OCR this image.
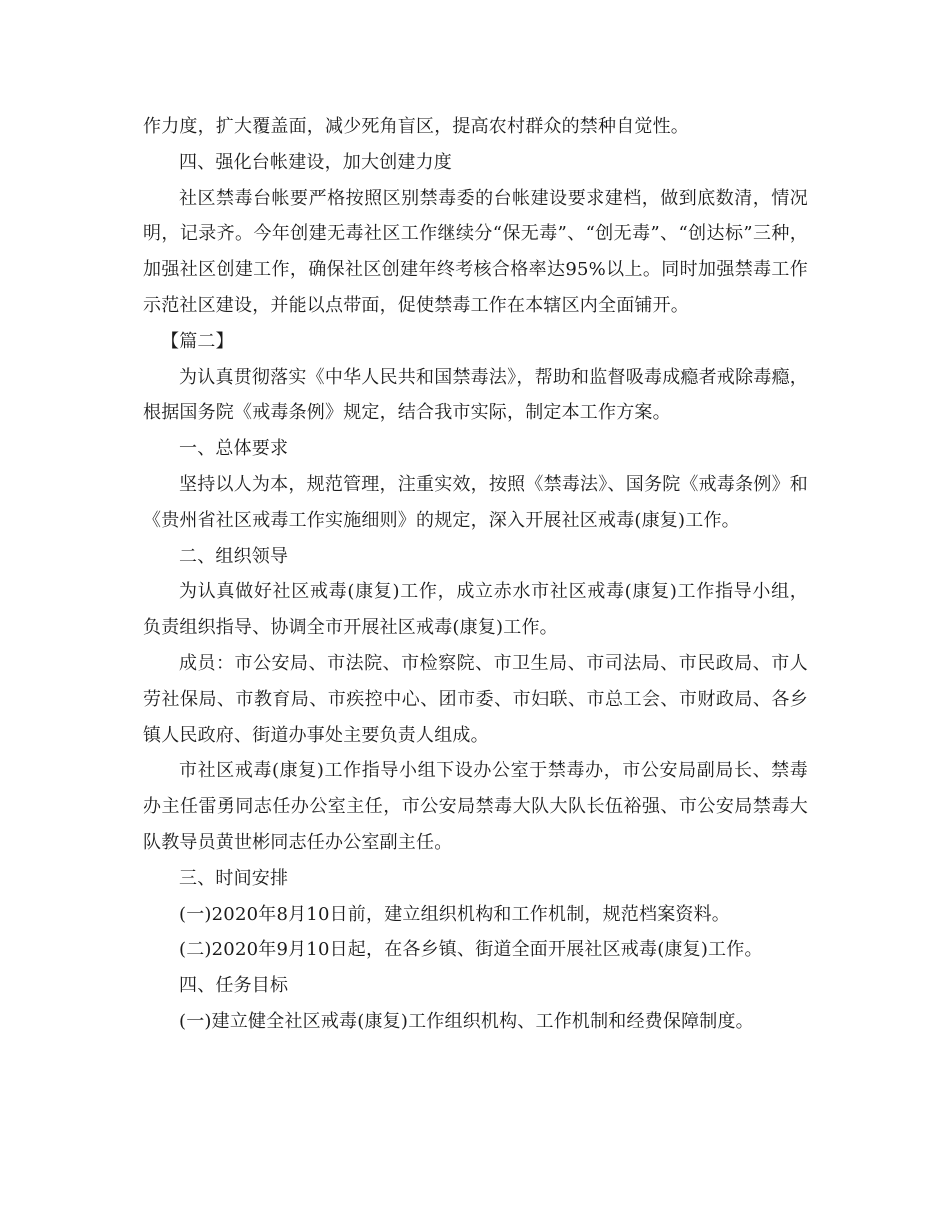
作力度，扩大覆盖面，减少死角盲区，提高农村群众的禁种自觉性。

四、强化台帐建设，加大创建力度

社区禁毒台帐要严格按照区别禁毒委的台帐建设要求建档，做到底数清，情况明，记录齐。今年创建无毒社区工作继续分“保无毒”、“创无毒”、“创达标”三种，加强社区创建工作，确保社区创建年终考核合格率达95%以上。同时加强禁毒工作示范社区建设，并能以点带面，促使禁毒工作在本辖区内全面铺开。

【篇二】

为认真贯彻落实《中华人民共和国禁毒法》，帮助和监督吸毒成瘾者戒除毒瘾，根据国务院《戒毒条例》规定，结合我市实际，制定本工作方案。

一、总体要求

坚持以人为本，规范管理，注重实效，按照《禁毒法》、国务院《戒毒条例》和《贵州省社区戒毒工作实施细则》的规定，深入开展社区戒毒(康复)工作。

二、组织领导

为认真做好社区戒毒(康复)工作，成立赤水市社区戒毒(康复)工作指导小组，负责组织指导、协调全市开展社区戒毒(康复)工作。

成员：市公安局、市法院、市检察院、市卫生局、市司法局、市民政局、市人劳社保局、市教育局、市疾控中心、团市委、市妇联、市总工会、市财政局、各乡镇人民政府、街道办事处主要负责人组成。

市社区戒毒(康复)工作指导小组下设办公室于禁毒办，市公安局副局长、禁毒办主任雷勇同志任办公室主任，市公安局禁毒大队大队长伍裕强、市公安局禁毒大队教导员黄世彬同志任办公室副主任。

三、时间安排

(一)2020年8月10日前，建立组织机构和工作机制，规范档案资料。

(二)2020年9月10日起，在各乡镇、街道全面开展社区戒毒(康复)工作。

四、任务目标

(一)建立健全社区戒毒(康复)工作组织机构、工作机制和经费保障制度。
